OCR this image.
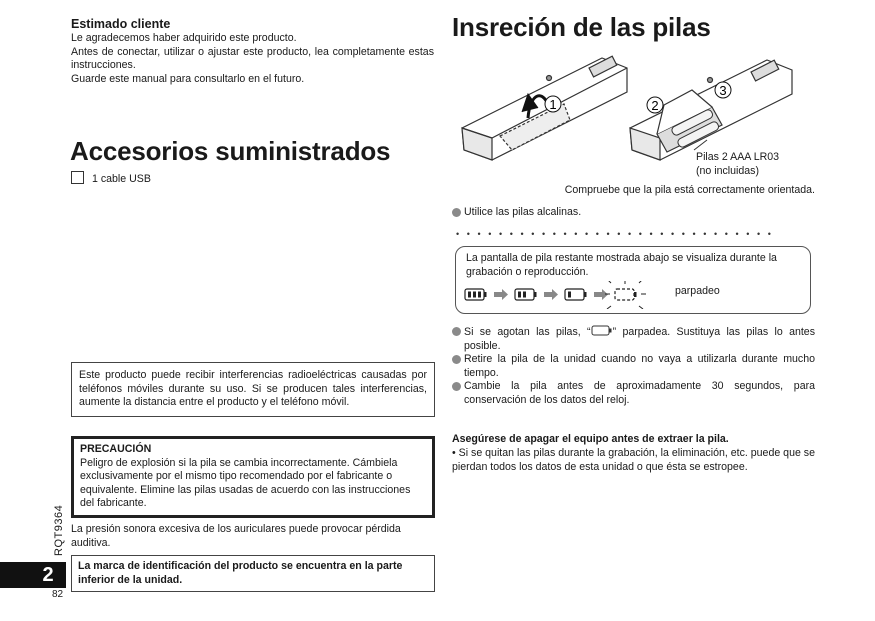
Estimado cliente
Le agradecemos haber adquirido este producto.
Antes de conectar, utilizar o ajustar este producto, lea completamente estas instrucciones.
Guarde este manual para consultarlo en el futuro.
Accesorios suministrados
1 cable USB
Este producto puede recibir interferencias radioeléctricas causadas por teléfonos móviles durante su uso. Si se producen tales interferencias, aumente la distancia entre el producto y el teléfono móvil.
PRECAUCIÓN
Peligro de explosión si la pila se cambia incorrectamente. Cámbiela exclusivamente por el mismo tipo recomendado por el fabricante o equivalente. Elimine las pilas usadas de acuerdo con las instrucciones del fabricante.
La presión sonora excesiva de los auriculares puede provocar pérdida auditiva.
La marca de identificación del producto se encuentra en la parte inferior de la unidad.
RQT9364
2
82
Insreción de las pilas
1	2
3
Pilas 2 AAA LR03
(no incluidas)
Compruebe que la pila está correctamente orientada.
Utilice las pilas alcalinas.
••••••••••••••••••••••••••••••
La pantalla de pila restante mostrada abajo se visualiza durante la grabación o reproducción.
parpadeo
Si se agotan las pilas, “ ” parpadea. Sustituya las pilas lo antes posible.
Retire la pila de la unidad cuando no vaya a utilizarla durante mucho tiempo.
Cambie la pila antes de aproximadamente 30 segundos, para conservación de los datos del reloj.
Asegúrese de apagar el equipo antes de extraer la pila.
• Si se quitan las pilas durante la grabación, la eliminación, etc. puede que se pierdan todos los datos de esta unidad o que ésta se estropee.
